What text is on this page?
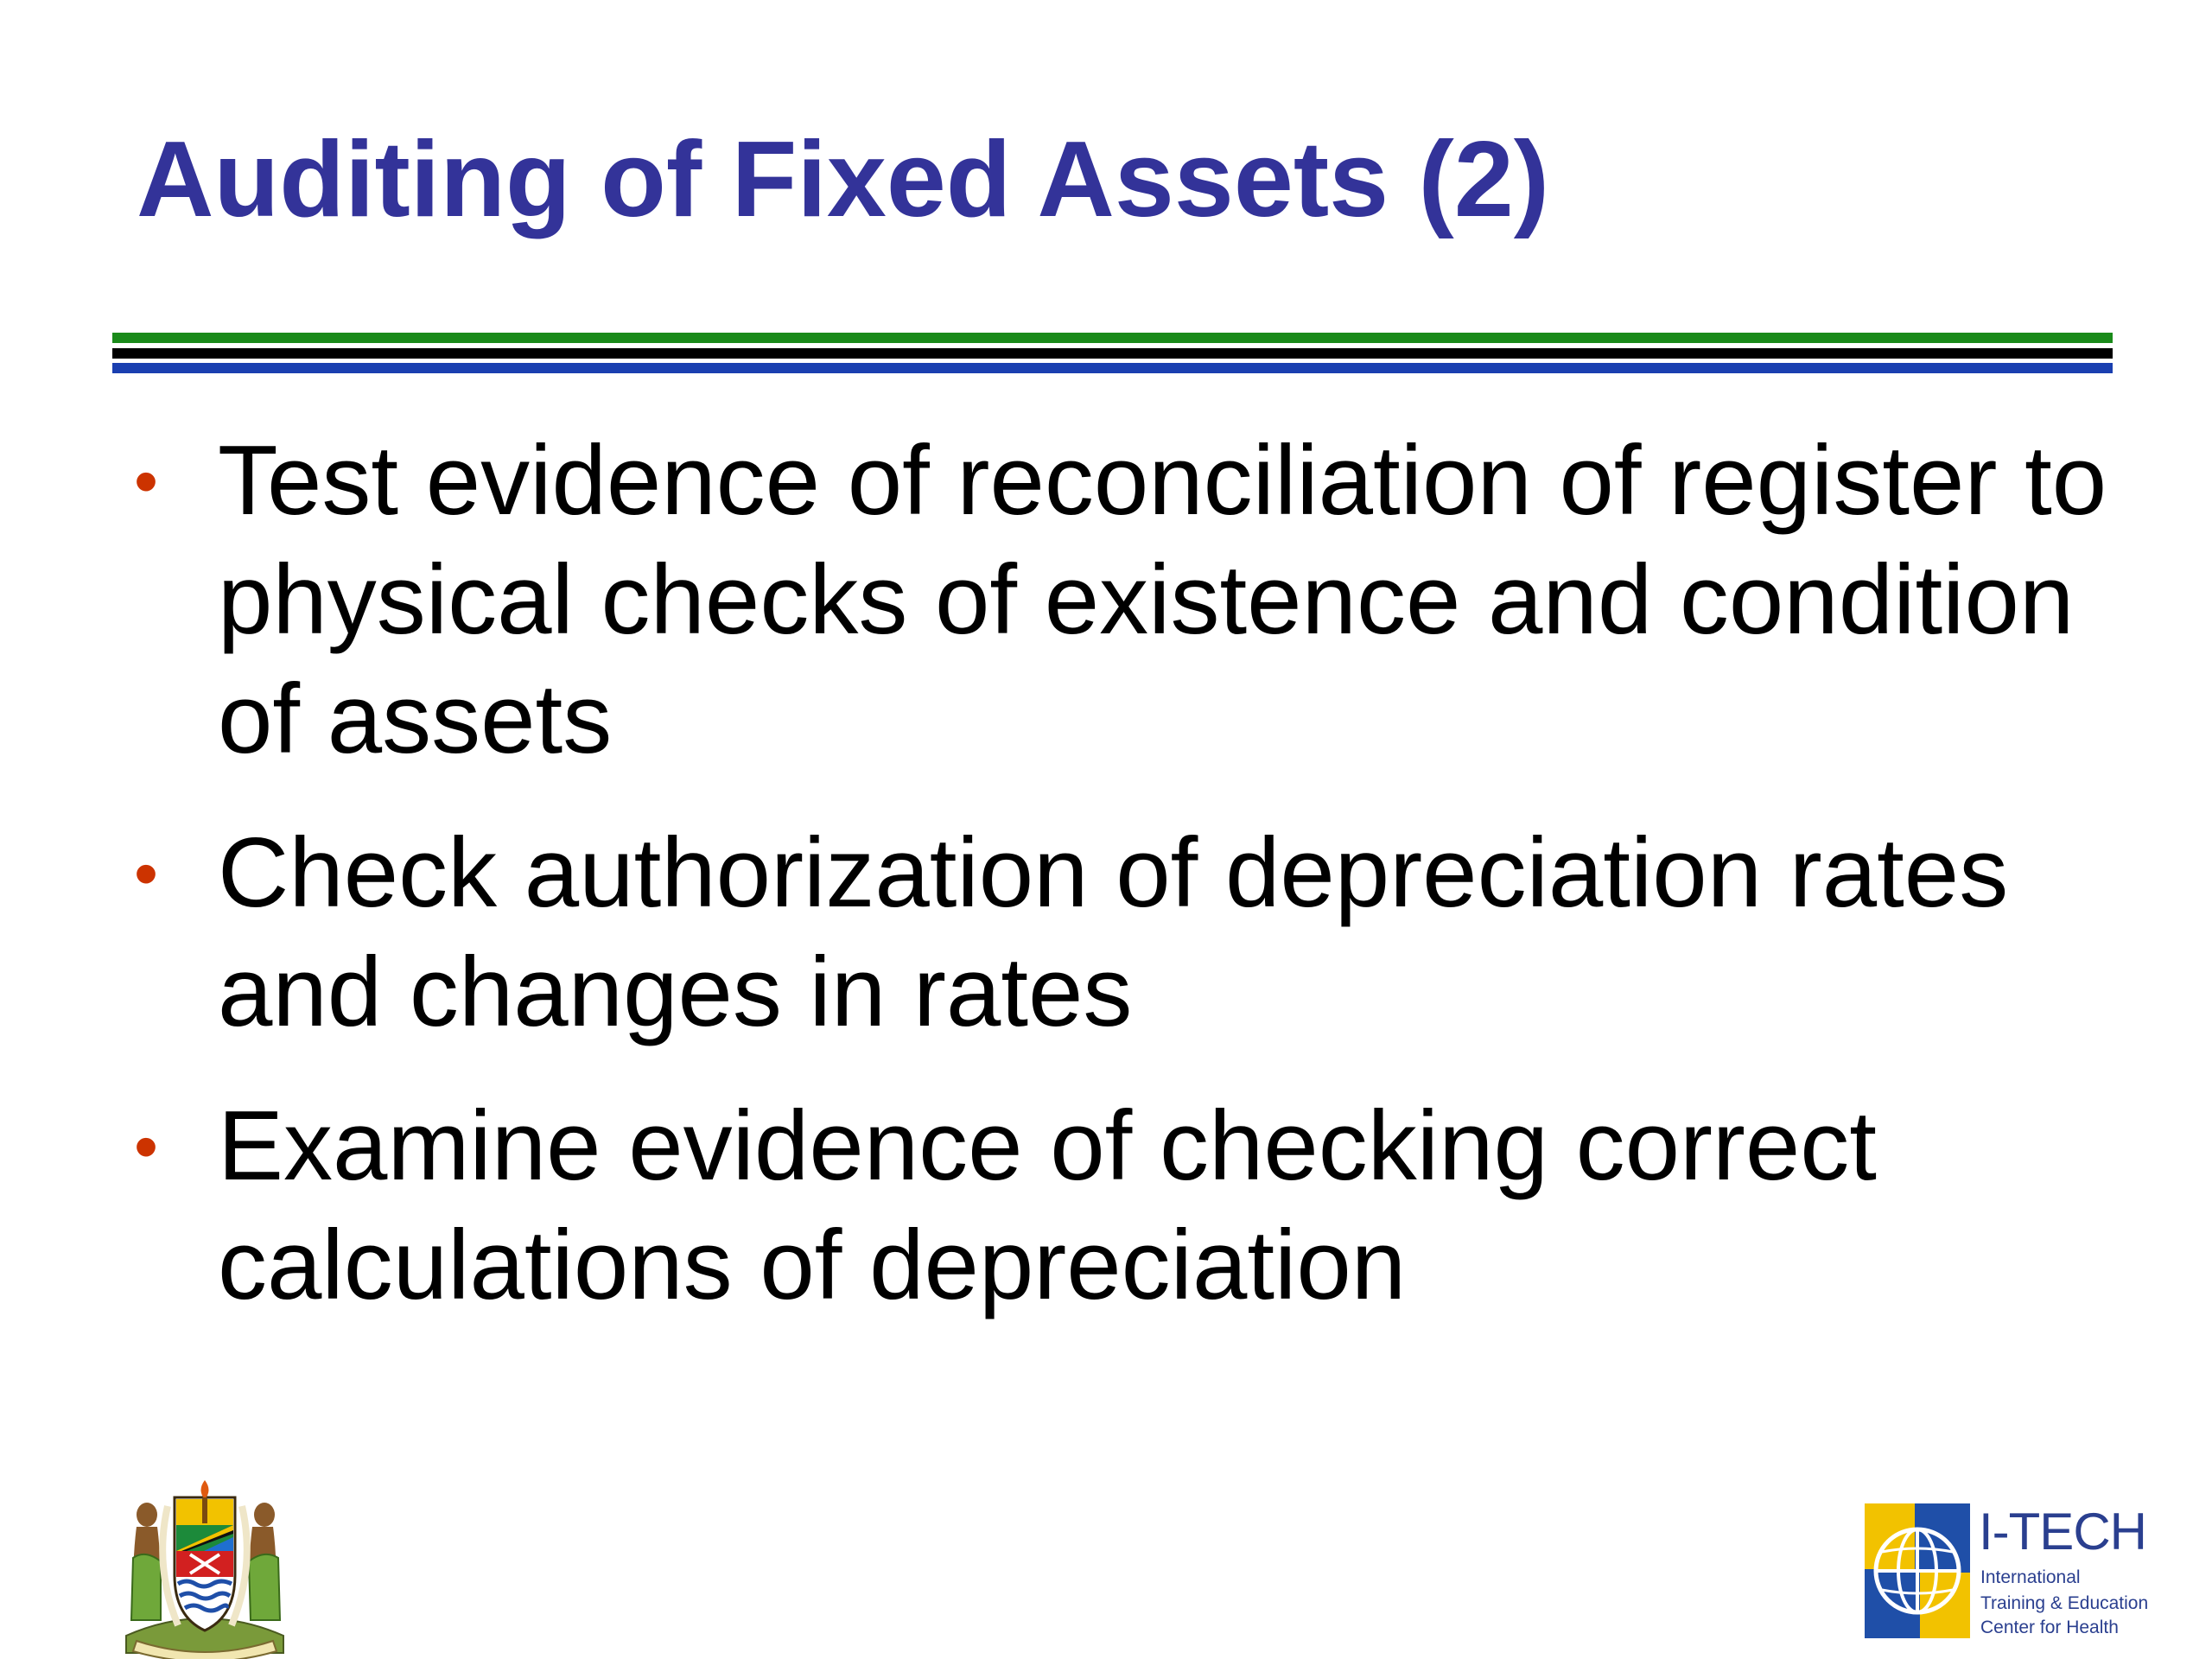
Auditing of Fixed Assets (2)
• Test evidence of reconciliation of register to physical checks of existence and condition of assets
• Check authorization of depreciation rates and changes in rates
• Examine evidence of checking correct calculations of depreciation
I-TECH
International
Training & Education
Center for Health
